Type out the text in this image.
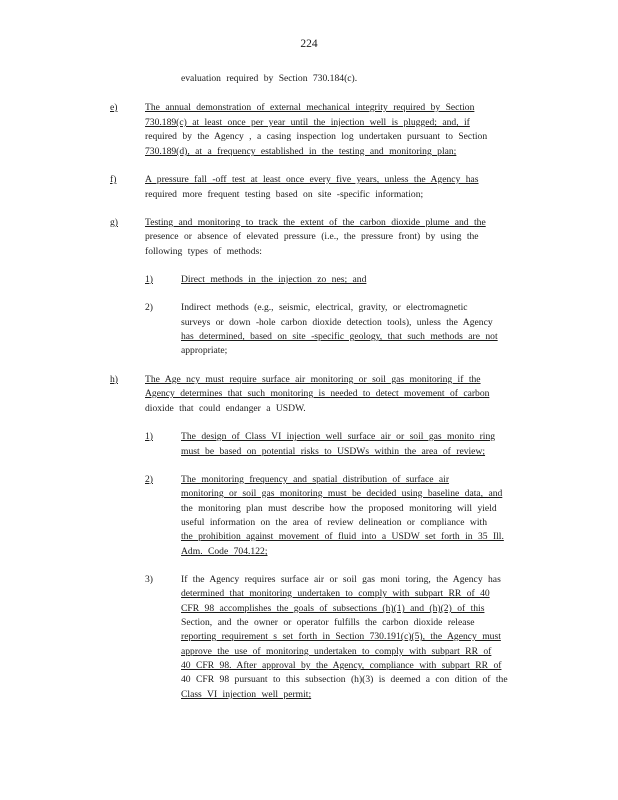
224
evaluation required by Section 730.184(c).
e)	The annual demonstration of external mechanical integrity required by Section
730.189(c) at least once per year until the injection well is plugged; and, if
required by the Agency , a casing inspection log undertaken pursuant to Section
730.189(d), at a frequency established in the testing and monitoring plan;
f)	A pressure fall -off test at least once every five years, unless the Agency has
required more frequent testing based on site -specific information;
g)	Testing and monitoring to track the extent of the carbon dioxide plume and the
presence or absence of elevated pressure (i.e., the pressure front) by using the
following types of methods:
1)	Direct methods in the injection zo nes; and
2)	Indirect methods (e.g., seismic, electrical, gravity, or electromagnetic
surveys or down -hole carbon dioxide detection tools), unless the Agency
has determined, based on site -specific geology, that such methods are not
appropriate;
h)	The Age ncy must require surface air monitoring or soil gas monitoring if the
Agency determines that such monitoring is needed to detect movement of carbon
dioxide that could endanger a USDW.
1)	The design of Class VI injection well surface air or soil gas monito ring
must be based on potential risks to USDWs within the area of review;
2)	The monitoring frequency and spatial distribution of surface air
monitoring or soil gas monitoring must be decided using baseline data, and
the monitoring plan must describe how the proposed monitoring will yield
useful information on the area of review delineation or compliance with
the prohibition against movement of fluid into a USDW set forth in 35 Ill.
Adm. Code 704.122;
3)	If the Agency requires surface air or soil gas moni toring, the Agency has
determined that monitoring undertaken to comply with subpart RR of 40
CFR 98 accomplishes the goals of subsections (h)(1) and (h)(2) of this
Section, and the owner or operator fulfills the carbon dioxide release
reporting requirement s set forth in Section 730.191(c)(5), the Agency must
approve the use of monitoring undertaken to comply with subpart RR of
40 CFR 98. After approval by the Agency, compliance with subpart RR of
40 CFR 98 pursuant to this subsection (h)(3) is deemed a con dition of the
Class VI injection well permit;
